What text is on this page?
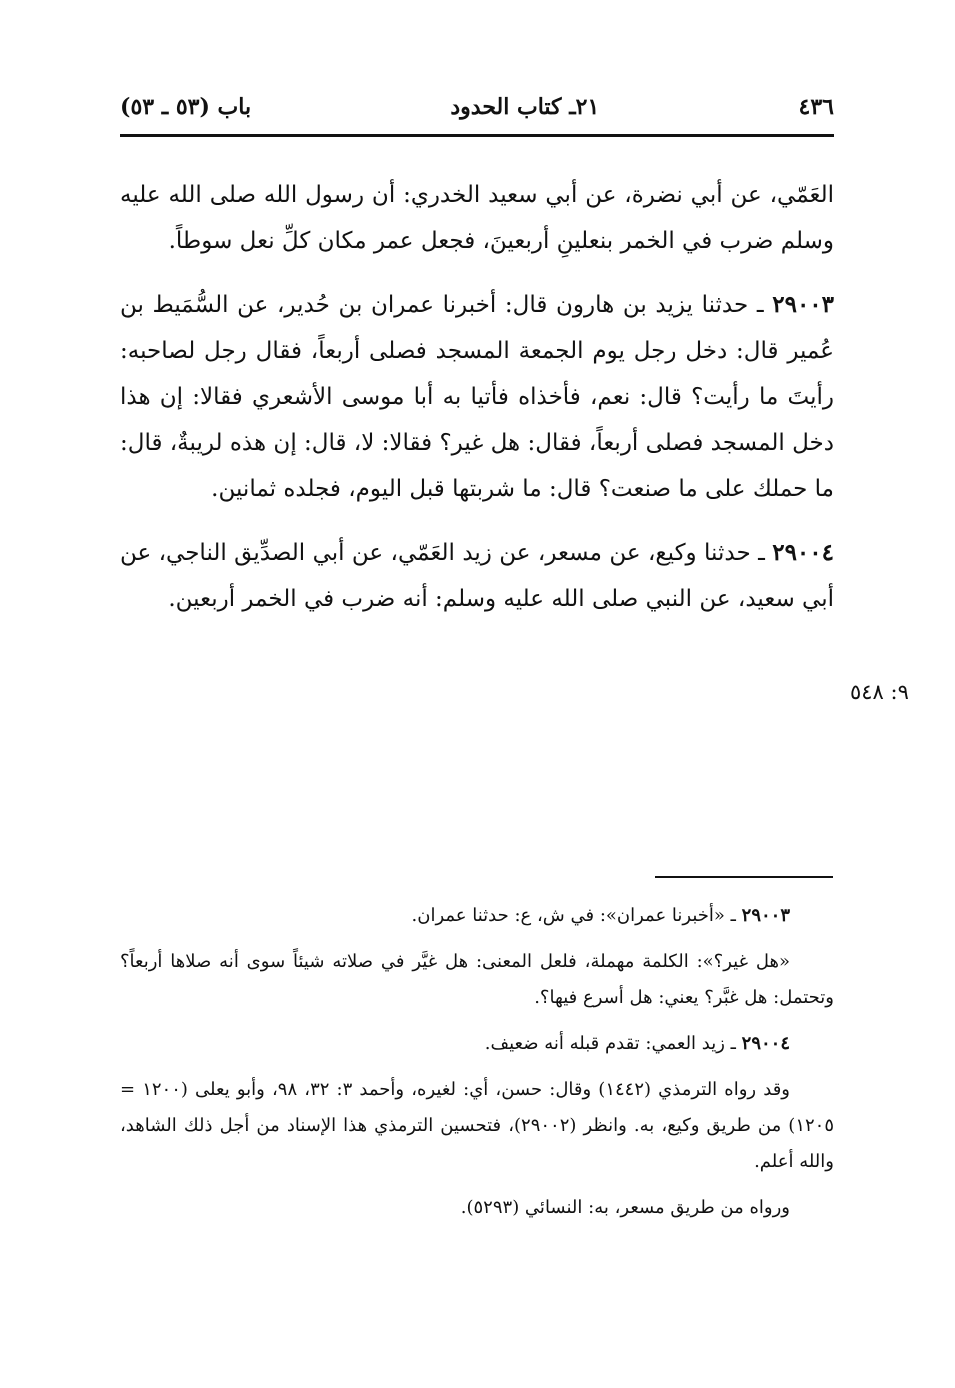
٤٣٦
٢١ـ كتاب الحدود
باب (٥٣ ـ ٥٣)

العَمّي، عن أبي نضرة، عن أبي سعيد الخدري: أن رسول الله صلى الله عليه وسلم ضرب في الخمر بنعلينِ أربعينَ، فجعل عمر مكان كلِّ نعل سوطاً.

٢٩٠٠٣ ـ حدثنا يزيد بن هارون قال: أخبرنا عمران بن حُدير، عن السُّمَيط بن عُمير قال: دخل رجل يوم الجمعة المسجد فصلى أربعاً، فقال رجل لصاحبه: رأيتَ ما رأيت؟ قال: نعم، فأخذاه فأتيا به أبا موسى الأشعري فقالا: إن هذا دخل المسجد فصلى أربعاً، فقال: هل غير؟ فقالا: لا، قال: إن هذه لريبةٌ، قال: ما حملك على ما صنعت؟ قال: ما شربتها قبل اليوم، فجلده ثمانين.

٢٩٠٠٤ ـ حدثنا وكيع، عن مسعر، عن زيد العَمّي، عن أبي الصدِّيق الناجي، عن أبي سعيد، عن النبي صلى الله عليه وسلم: أنه ضرب في الخمر أربعين.

٩: ٥٤٨

٢٩٠٠٣ ـ «أخبرنا عمران»: في ش، ع: حدثنا عمران.

«هل غير؟»: الكلمة مهملة، فلعل المعنى: هل غيَّر في صلاته شيئاً سوى أنه صلاها أربعاً؟ وتحتمل: هل غبَّر؟ يعني: هل أسرع فيها؟.

٢٩٠٠٤ ـ زيد العمي: تقدم قبله أنه ضعيف.

وقد رواه الترمذي (١٤٤٢) وقال: حسن، أي: لغيره، وأحمد ٣: ٣٢، ٩٨، وأبو يعلى (١٢٠٠ = ١٢٠٥) من طريق وكيع، به. وانظر (٢٩٠٠٢)، فتحسين الترمذي هذا الإسناد من أجل ذلك الشاهد، والله أعلم.

ورواه من طريق مسعر، به: النسائي (٥٢٩٣).
